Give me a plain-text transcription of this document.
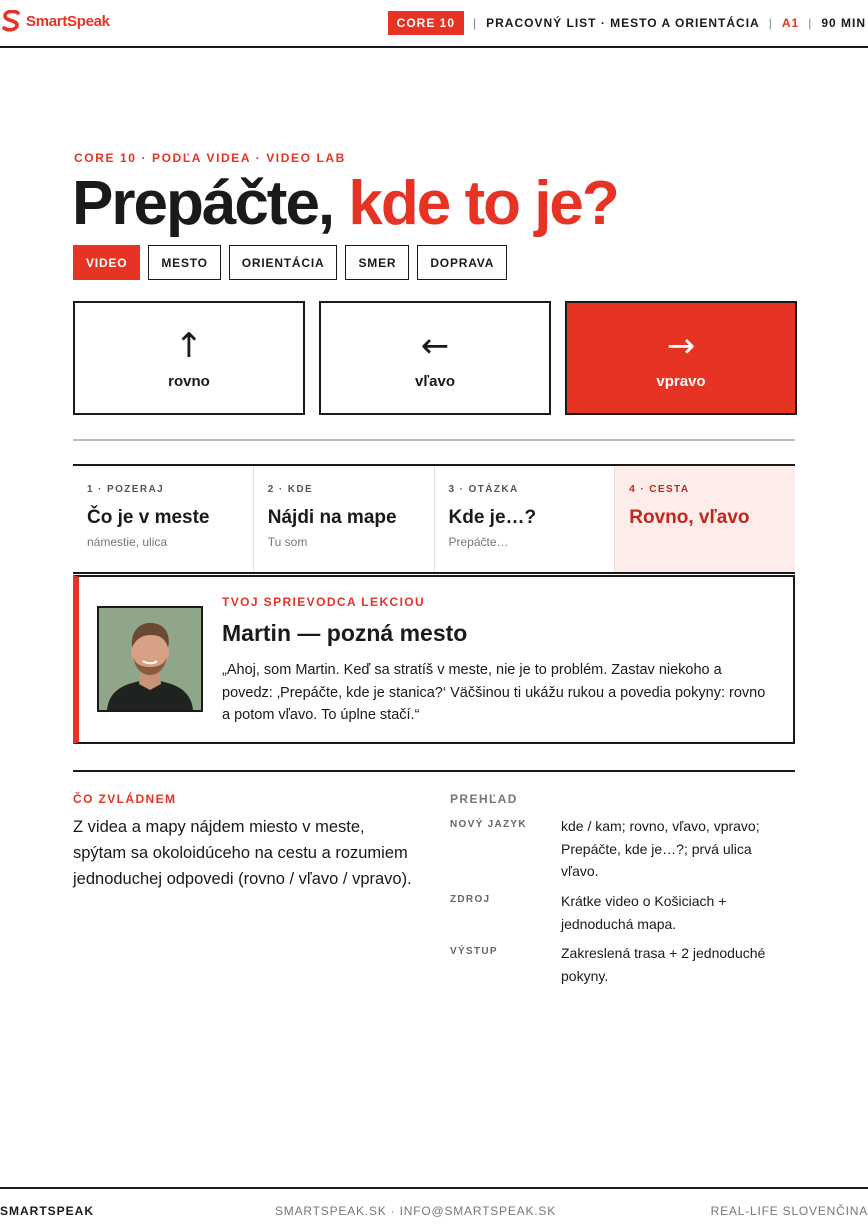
SmartSpeak	CORE 10	| PRACOVNÝ LIST · MESTO A ORIENTÁCIA | A1 | 90 MIN
CORE 10 · PODĽA VIDEA · VIDEO LAB
Prepáčte, kde to je?
VIDEO	MESTO	ORIENTÁCIA	SMER	DOPRAVA
↑
rovno
←
vľavo
→
vpravo
1 · POZERAJ
Čo je v meste
námestie, ulica
2 · KDE
Nájdi na mape
Tu som
3 · OTÁZKA
Kde je…?
Prepáčte…
4 · CESTA
Rovno, vľavo
TVOJ SPRIEVODCA LEKCIOU
Martin — pozná mesto

„Ahoj, som Martin. Keď sa stratíš v meste, nie je to problém. Zastav niekoho a povedz: ‚Prepáčte, kde je stanica?‘ Väčšinou ti ukážu rukou a povedia pokyny: rovno a potom vľavo. To úplne stačí.“

ČO ZVLÁDNEM

Z videa a mapy nájdem miesto v meste, spýtam sa okoloidúceho na cestu a rozumiem jednoduchej odpovedi (rovno / vľavo / vpravo).

PREHĽAD
NOVÝ JAZYK	kde / kam; rovno, vľavo, vpravo; Prepáčte, kde je…?; prvá ulica vľavo.
ZDROJ	Krátke video o Košiciach + jednoduchá mapa.
VÝSTUP	Zakreslená trasa + 2 jednoduché pokyny.
SMARTSPEAK	SMARTSPEAK.SK · INFO@SMARTSPEAK.SK	REAL-LIFE SLOVENČINA
